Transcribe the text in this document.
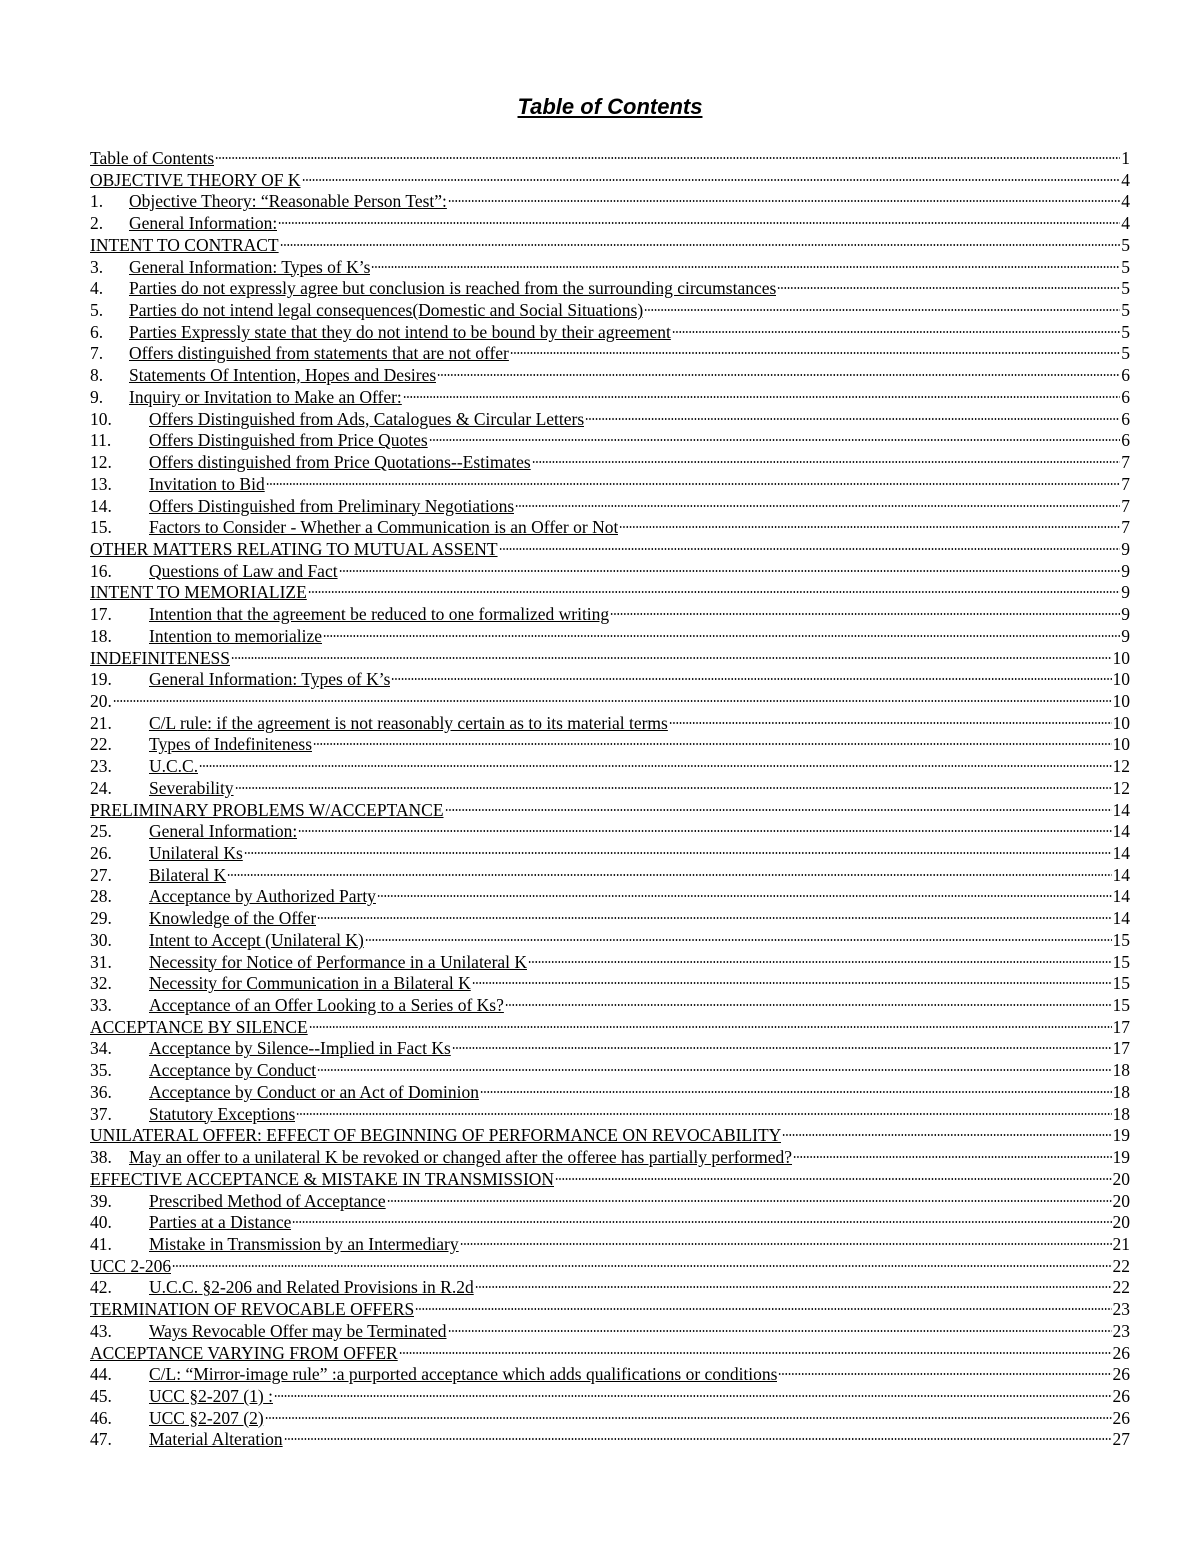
Table of Contents
Table of Contents	1
OBJECTIVE THEORY OF K	4
1.	Objective Theory: “Reasonable Person Test”:	4
2.	General Information:	4
INTENT TO CONTRACT	5
3.	General Information: Types of K’s	5
4.	Parties do not expressly agree but conclusion is reached from the surrounding circumstances	5
5.	Parties do not intend legal consequences(Domestic and Social Situations)	5
6.	Parties Expressly state that they do not intend to be bound by their agreement	5
7.	Offers distinguished from statements that are not offer	5
8.	Statements Of Intention, Hopes and Desires	6
9.	Inquiry or Invitation to Make an Offer:	6
10.	Offers Distinguished from Ads, Catalogues & Circular Letters	6
11.	Offers Distinguished from Price Quotes	6
12.	Offers distinguished from Price Quotations--Estimates	7
13.	Invitation to Bid	7
14.	Offers Distinguished from Preliminary Negotiations	7
15.	Factors to Consider - Whether a Communication is an Offer or Not	7
OTHER MATTERS RELATING TO MUTUAL ASSENT	9
16.	Questions of Law and Fact	9
INTENT TO MEMORIALIZE	9
17.	Intention that the agreement be reduced to one formalized writing	9
18.	Intention to memorialize	9
INDEFINITENESS	10
19.	General Information: Types of K’s	10
20.	10
21.	C/L rule: if the agreement is not reasonably certain as to its material terms	10
22.	Types of Indefiniteness	10
23.	U.C.C.	12
24.	Severability	12
PRELIMINARY PROBLEMS W/ACCEPTANCE	14
25.	General Information:	14
26.	Unilateral Ks	14
27.	Bilateral K	14
28.	Acceptance by Authorized Party	14
29.	Knowledge of the Offer	14
30.	Intent to Accept (Unilateral K)	15
31.	Necessity for Notice of Performance in a Unilateral K	15
32.	Necessity for Communication in a Bilateral K	15
33.	Acceptance of an Offer Looking to a Series of Ks?	15
ACCEPTANCE BY SILENCE	17
34.	Acceptance by Silence--Implied in Fact Ks	17
35.	Acceptance by Conduct	18
36.	Acceptance by Conduct or an Act of Dominion	18
37.	Statutory Exceptions	18
UNILATERAL OFFER: EFFECT OF BEGINNING OF PERFORMANCE ON REVOCABILITY	19
38. May an offer to a unilateral K be revoked or changed after the offeree has partially performed?	19
EFFECTIVE ACCEPTANCE & MISTAKE IN TRANSMISSION	20
39.	Prescribed Method of Acceptance	20
40.	Parties at a Distance	20
41.	Mistake in Transmission by an Intermediary	21
UCC 2-206	22
42.	U.C.C. §2-206 and Related Provisions in R.2d	22
TERMINATION OF REVOCABLE OFFERS	23
43.	Ways Revocable Offer may be Terminated	23
ACCEPTANCE VARYING FROM OFFER	26
44.	C/L: “Mirror-image rule” :a purported acceptance which adds qualifications or conditions	26
45.	UCC §2-207 (1) :	26
46.	UCC §2-207 (2)	26
47.	Material Alteration	27
